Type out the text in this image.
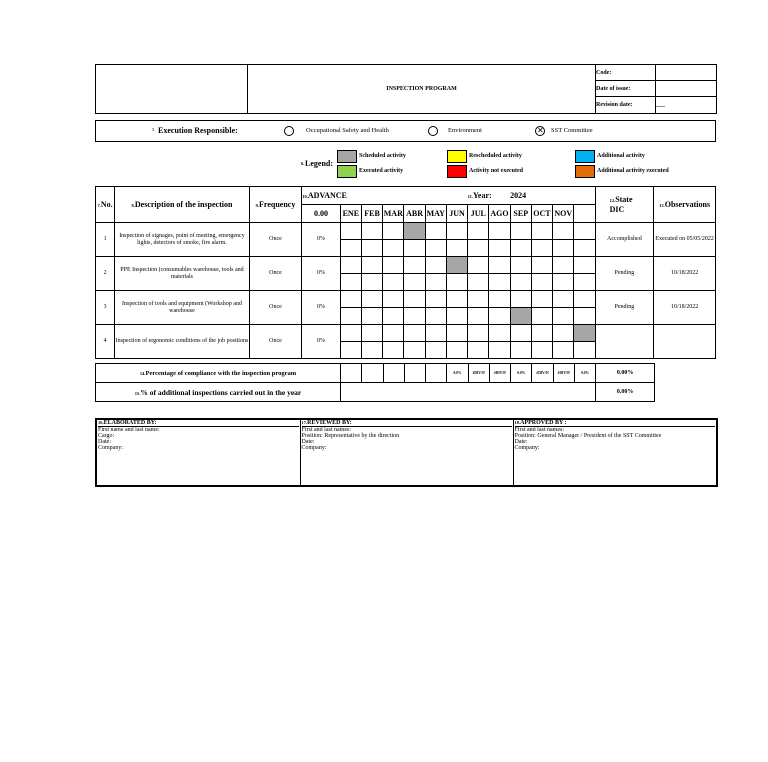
	INSPECTION PROGRAM	Code:	
		Date of issue:	
		Revision date:	___
5. Execution Responsible:	Occupational Safety and Health	Environment ✕	SST Committee
6. Legend:
Scheduled activity	Rescheduled activity	Additional activity
Executed activity	Activity not executed	Additional activity executed
7.No.	8.Description of the inspection	9.Frequency	10.ADVANCE							11.Year:		2024				12.State
DIC	13.Observations
			0.00	ENE	FEB	MAR	ABR	MAY	JUN	JUL	AGO	SEP	OCT	NOV			
1	Inspection of signages, point of meeting, emergency lights, detectors of smoke, fire alarm.	Once	0%													Accomplished	Executed on 05/05/2022

2	PPE Inspection (consumables warehouse, tools and materials	Once	0%													Pending	10/18/2022

3	Inspection of tools and equipment (Workshop and warehouse	Once	0%													Pending	10/18/2022

4	Inspection of ergonomic conditions of the job positions	Once	0%														

14.Percentage of compliance with the inspection program						0.0%	#DIV/0!	#DIV/0!	0.0%	#DIV/0!	#DIV/0!	0.0%	0.00%
15.% of additional inspections carried out in the year													0.00%
16.ELABORATED BY:
First name and last name:
Cargo:
Date:
Company:

17.REVIEWED BY:
First and last names:
Position: Representative by the direction
Date:
Company:

18.APPROVED BY :
First and last names:
Position: General Manager / President of the SST Committee
Date:
Company:
